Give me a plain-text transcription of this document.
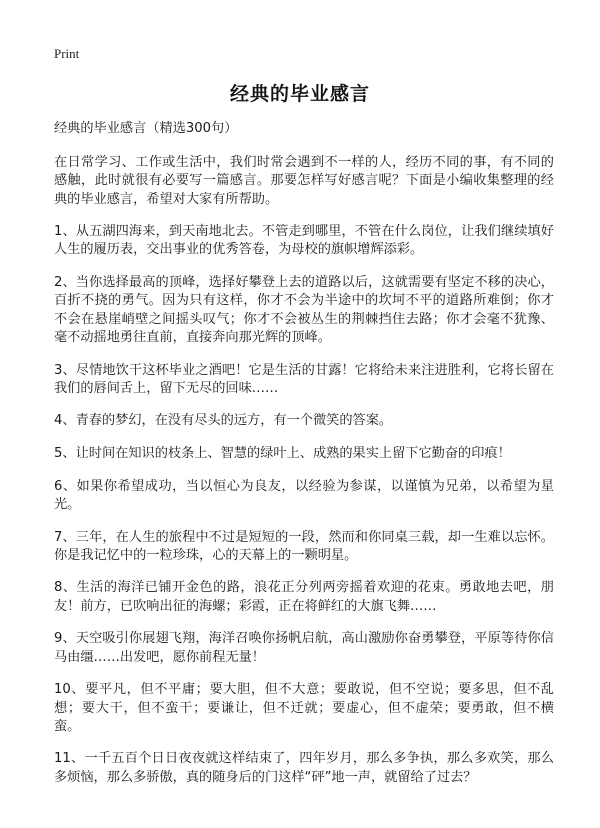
Print
经典的毕业感言
经典的毕业感言（精选300句）

在日常学习、工作或生活中，我们时常会遇到不一样的人，经历不同的事，有不同的感触，此时就很有必要写一篇感言。那要怎样写好感言呢？下面是小编收集整理的经典的毕业感言，希望对大家有所帮助。

1、从五湖四海来，到天南地北去。不管走到哪里，不管在什么岗位，让我们继续填好人生的履历表，交出事业的优秀答卷，为母校的旗帜增辉添彩。

2、当你选择最高的顶峰，选择好攀登上去的道路以后，这就需要有坚定不移的决心，百折不挠的勇气。因为只有这样，你才不会为半途中的坎坷不平的道路所难倒；你才不会在悬崖峭壁之间摇头叹气；你才不会被丛生的荆棘挡住去路；你才会毫不犹豫、毫不动摇地勇往直前，直接奔向那光辉的顶峰。

3、尽情地饮干这杯毕业之酒吧！它是生活的甘露！它将给未来注进胜利，它将长留在我们的唇间舌上，留下无尽的回味……

4、青春的梦幻，在没有尽头的远方，有一个微笑的答案。

5、让时间在知识的枝条上、智慧的绿叶上、成熟的果实上留下它勤奋的印痕！

6、如果你希望成功，当以恒心为良友，以经验为参谋，以谨慎为兄弟，以希望为星光。

7、三年，在人生的旅程中不过是短短的一段，然而和你同桌三载，却一生难以忘怀。你是我记忆中的一粒珍珠，心的天幕上的一颗明星。

8、生活的海洋已铺开金色的路，浪花正分列两旁摇着欢迎的花束。勇敢地去吧，朋友！前方，已吹响出征的海螺；彩霞，正在将鲜红的大旗飞舞……

9、天空吸引你展翅飞翔，海洋召唤你扬帆启航，高山激励你奋勇攀登，平原等待你信马由缰……出发吧，愿你前程无量！

10、要平凡，但不平庸；要大胆，但不大意；要敢说，但不空说；要多思，但不乱想；要大干，但不蛮干；要谦让，但不迁就；要虚心，但不虚荣；要勇敢，但不横蛮。

11、一千五百个日日夜夜就这样结束了，四年岁月，那么多争执，那么多欢笑，那么多烦恼，那么多骄傲，真的随身后的门这样“砰”地一声，就留给了过去？
